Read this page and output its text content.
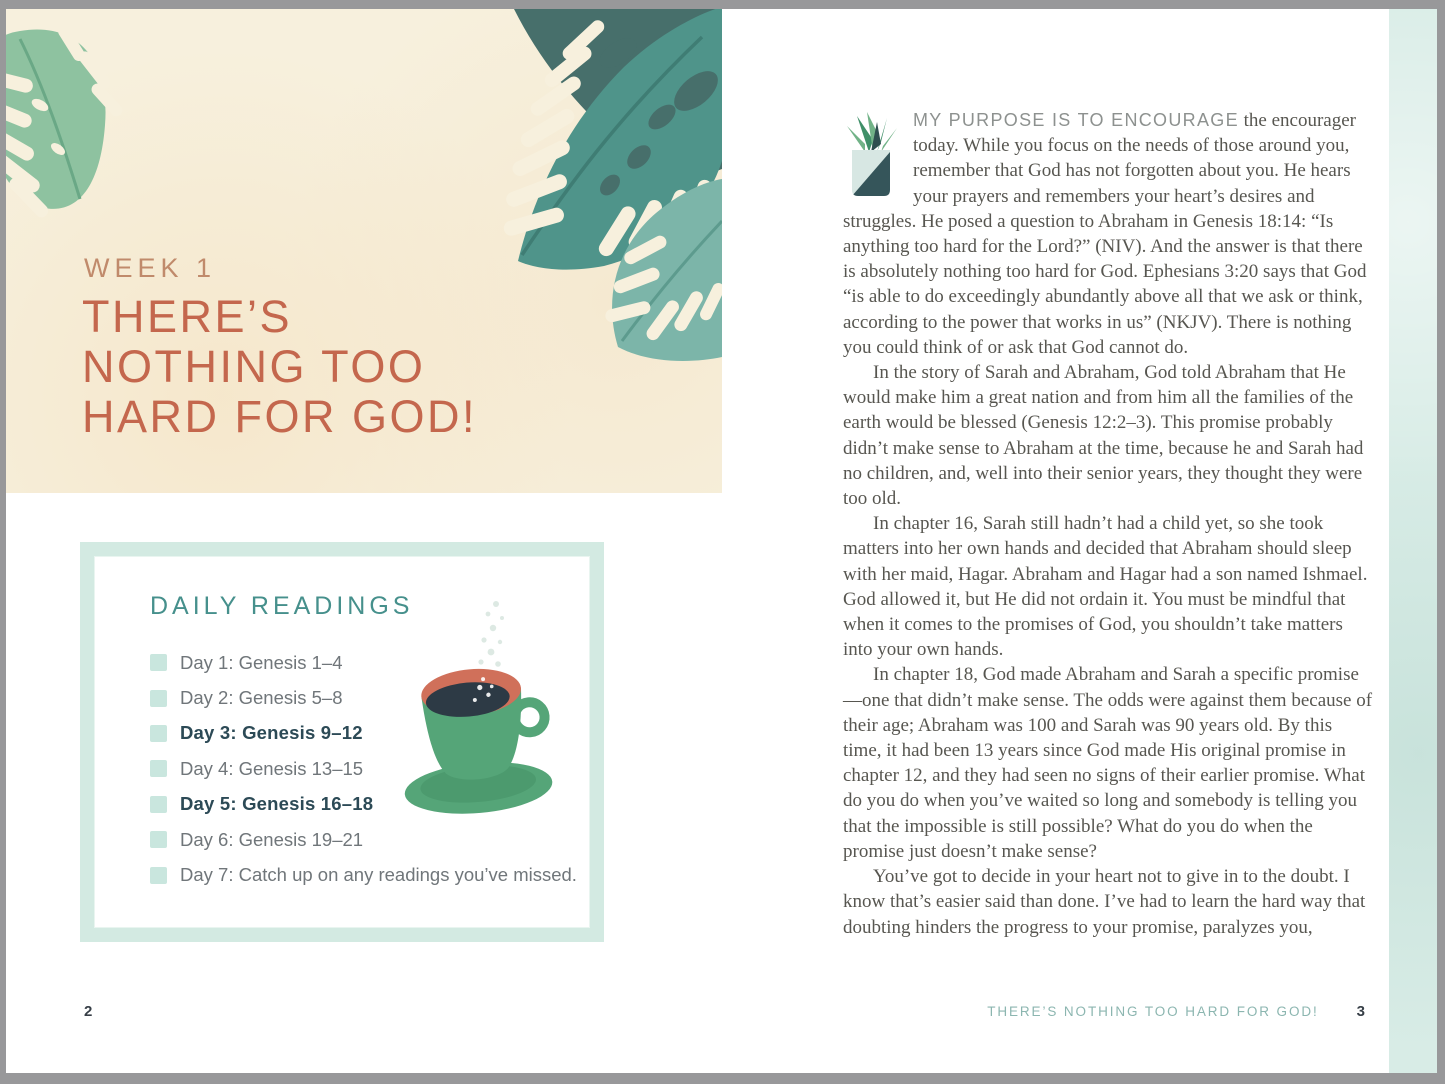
WEEK 1
THERE’S
NOTHING TOO
HARD FOR GOD!
DAILY READINGS
Day 1: Genesis 1–4
Day 2: Genesis 5–8
Day 3: Genesis 9–12
Day 4: Genesis 13–15
Day 5: Genesis 16–18
Day 6: Genesis 19–21
Day 7: Catch up on any readings you’ve missed.
2

MY PURPOSE IS TO ENCOURAGE the encourager today. While you focus on the needs of those around you, remember that God has not forgotten about you. He hears your prayers and remembers your heart’s desires and struggles. He posed a question to Abraham in Genesis 18:14: “Is anything too hard for the Lord?” (NIV). And the answer is that there is absolutely nothing too hard for God. Ephesians 3:20 says that God “is able to do exceedingly abundantly above all that we ask or think, according to the power that works in us” (NKJV). There is nothing you could think of or ask that God cannot do.

In the story of Sarah and Abraham, God told Abraham that He would make him a great nation and from him all the families of the earth would be blessed (Genesis 12:2–3). This promise probably didn’t make sense to Abraham at the time, because he and Sarah had no children, and, well into their senior years, they thought they were too old.

In chapter 16, Sarah still hadn’t had a child yet, so she took matters into her own hands and decided that Abraham should sleep with her maid, Hagar. Abraham and Hagar had a son named Ishmael. God allowed it, but He did not ordain it. You must be mindful that when it comes to the promises of God, you shouldn’t take matters into your own hands.

In chapter 18, God made Abraham and Sarah a specific promise—one that didn’t make sense. The odds were against them because of their age; Abraham was 100 and Sarah was 90 years old. By this time, it had been 13 years since God made His original promise in chapter 12, and they had seen no signs of their earlier promise. What do you do when you’ve waited so long and somebody is telling you that the impossible is still possible? What do you do when the promise just doesn’t make sense?

You’ve got to decide in your heart not to give in to the doubt. I know that’s easier said than done. I’ve had to learn the hard way that doubting hinders the progress to your promise, paralyzes you,

THERE’S NOTHING TOO HARD FOR GOD!	3
